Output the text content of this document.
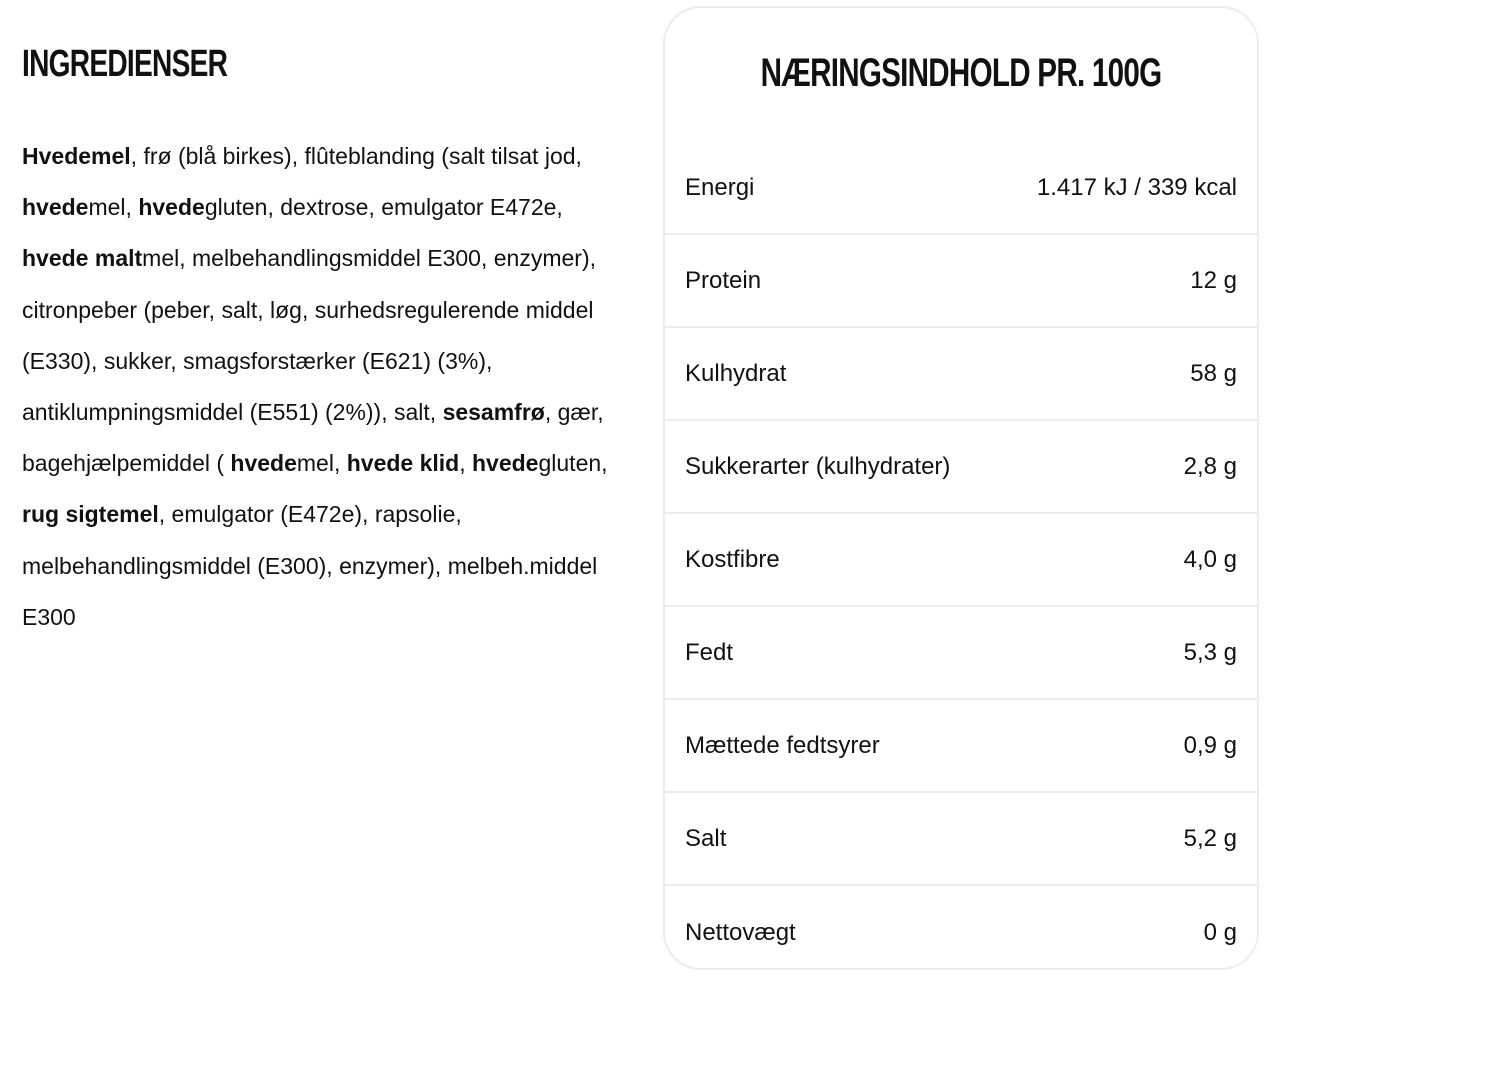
INGREDIENSER

Hvedemel, frø (blå birkes), flûteblanding (salt tilsat jod, hvedemel, hvedegluten, dextrose, emulgator E472e, hvede maltmel, melbehandlingsmiddel E300, enzymer), citronpeber (peber, salt, løg, surhedsregulerende middel (E330), sukker, smagsforstærker (E621) (3%), antiklumpningsmiddel (E551) (2%)), salt, sesamfrø, gær, bagehjælpemiddel ( hvedemel, hvede klid, hvedegluten, rug sigtemel, emulgator (E472e), rapsolie, melbehandlingsmiddel (E300), enzymer), melbeh.middel E300

NÆRINGSINDHOLD PR. 100G
Energi	1.417 kJ / 339 kcal
Protein	12 g
Kulhydrat	58 g
Sukkerarter (kulhydrater)	2,8 g
Kostfibre	4,0 g
Fedt	5,3 g
Mættede fedtsyrer	0,9 g
Salt	5,2 g
Nettovægt	0 g
